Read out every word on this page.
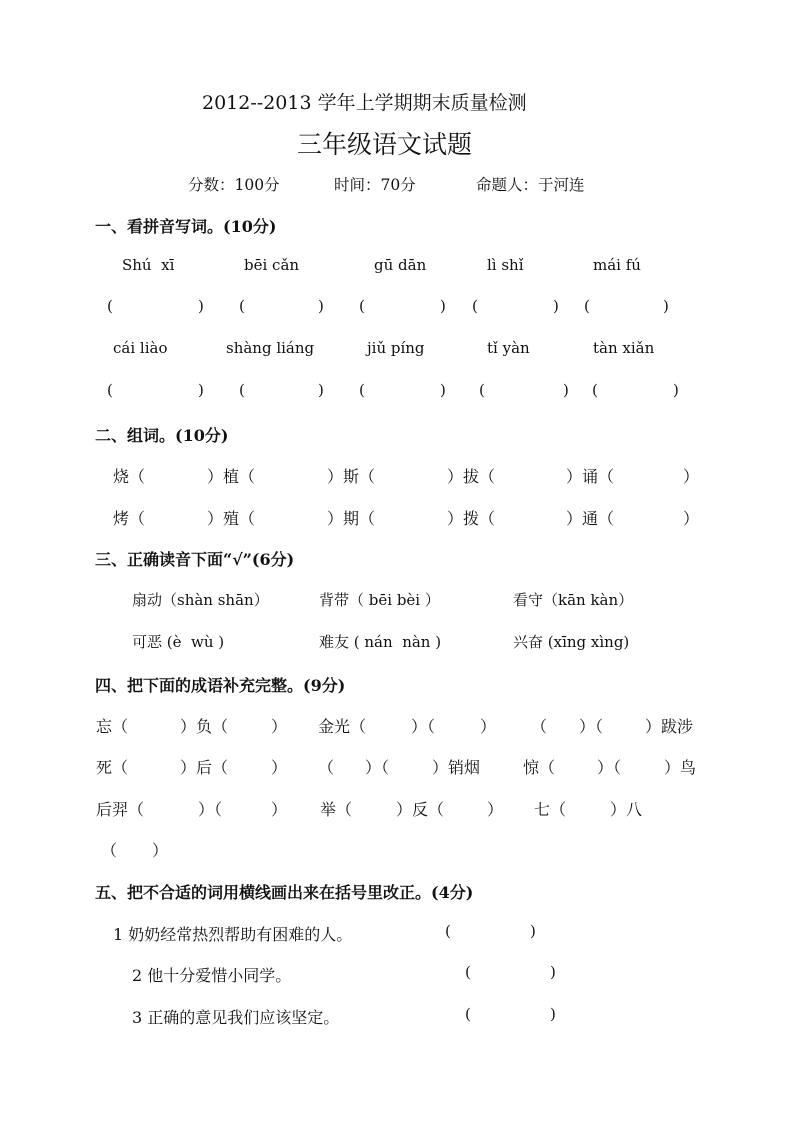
2012--2013 学年上学期期末质量检测
三年级语文试题
分数：100分	时间：70分	命题人：于河连
一、看拼音写词。(10分)
Shú  xī	bēi cǎn	gū dān	lì shǐ	mái fú
(	) (	) (	) (	) (	)
cái liào	shàng liáng	jiǔ píng	tǐ yàn	tàn xiǎn
(	) (	) (	) (	) (	)
二、组词。(10分)
烧（	）植（	）斯（	）拔（	）诵（	）
烤（	）殖（	）期（	）拨（	）通（	）
三、正确读音下面“√”(6分)
扇动（shàn shān）	背带（ bēi bèi ）	看守（kān kàn）
可恶 (è  wù )	难友 ( nán  nàn )	兴奋 (xīng xìng)
四、把下面的成语补充完整。(9分)
忘（	）负（	） 金光（	）（	） （ ）（	）跋涉
死（	）后（	） （ ）（	）销烟	惊（	）（	）鸟
后羿（	）（	） 举（	）反（	） 七（	）八
（ ）
五、把不合适的词用横线画出来在括号里改正。(4分)
1 奶奶经常热烈帮助有困难的人。	(	)
2 他十分爱惜小同学。	(	)
3 正确的意见我们应该坚定。	(	)
